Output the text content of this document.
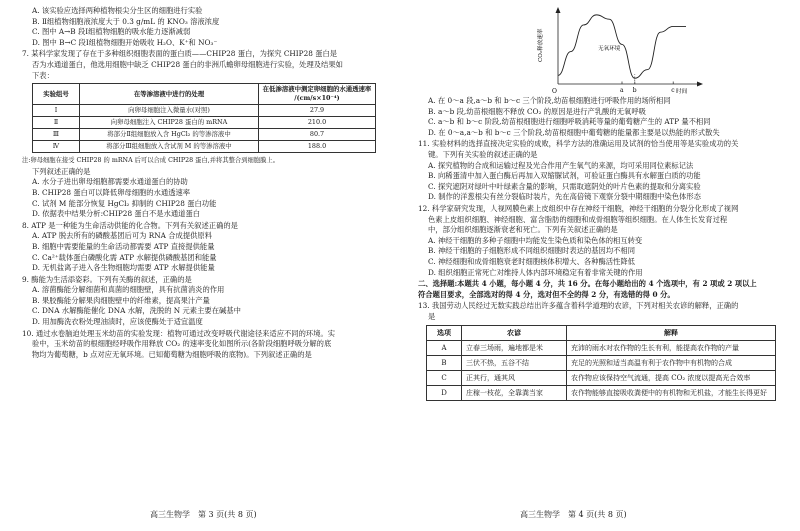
A. 该实验应选择两种植物根尖分生区的细胞进行实验
B. Ⅱ组植物细胞液浓度大于 0.3 g/mL 的 KNO₃ 溶液浓度
C. 图中 A→B 段Ⅰ组植物细胞的吸水能力逐渐减弱
D. 图中 B→C 段Ⅰ组植物细胞开始吸收 H₂O、K⁺和 NO₃⁻
7. 某科学家发现了存在于多种组织细胞表面的蛋白质——CHIP28 蛋白，为探究 CHIP28 蛋白是
否为水通道蛋白，他选用细胞中缺乏 CHIP28 蛋白的非洲爪蟾卵母细胞进行实验，处理及结果如
下表：
实验组号	在等渗溶液中进行的处理	在低渗溶液中测定卵细胞的水通透速率 /(cm/s×10⁻⁴)
Ⅰ	向卵母细胞注入微量水(对照)	27.9
Ⅱ	向卵母细胞注入 CHIP28 蛋白的 mRNA	210.0
Ⅲ	将部分Ⅱ组细胞放入含 HgCl₂ 的等渗溶液中	80.7
Ⅳ	将部分Ⅲ组细胞放入含试剂 M 的等渗溶液中	188.0
注:卵母细胞在接受 CHIP28 的 mRNA 后可以合成 CHIP28 蛋白,并将其整合到细胞膜上。
下列叙述正确的是
A. 水分子进出卵母细胞都需要水通道蛋白的协助
B. CHIP28 蛋白可以降低卵母细胞的水通透速率
C. 试剂 M 能部分恢复 HgCl₂ 抑制的 CHIP28 蛋白功能
D. 依据表中结果分析:CHIP28 蛋白不是水通道蛋白
8. ATP 是一种能为生命活动供能的化合物。下列有关叙述正确的是
A. ATP 脱去所有的磷酸基团后可为 RNA 合成提供原料
B. 细胞中需要能量的生命活动都需要 ATP 直接提供能量
C. Ca²⁺载体蛋白磷酸化需 ATP 水解提供磷酸基团和能量
D. 无机盐离子进入各生物细胞均需要 ATP 水解提供能量
9. 酶能为生活添姿彩。下列有关酶的叙述，正确的是
A. 溶菌酶能分解细菌和真菌的细胞壁，具有抗菌消炎的作用
B. 果胶酶能分解果肉细胞壁中的纤维素，提高果汁产量
C. DNA 水解酶能催化 DNA 水解，洗脱的 N 元素主要在碱基中
D. 用加酶洗衣粉处理油渍时，应该使酶处于适宜温度
10. 通过水卷脑迫处理玉米幼苗的实验发现：植物可通过改变呼吸代谢途径来适应不同的环境。实
验中，玉米幼苗的根细胞经呼吸作用释放 CO₂ 的速率变化如图所示(各阶段细胞呼吸分解的底
物均为葡萄糖，b 点对应无氧环境。已知葡萄糖为细胞呼吸的底物)。下列叙述正确的是
高三生物学　第 3 页(共 8 页)
CO₂释放速率
时间
O
无氧环境
a b	c
A. 在 0～a 段,a～b 和 b～c 三个阶段,幼苗根细胞进行呼吸作用的场所相同
B. a～b 段,幼苗根细胞不释放 CO₂ 的原因是进行产乳酸的无氧呼吸
C. a～b 和 b～c 阶段,幼苗根细胞进行细胞呼吸消耗等量的葡萄糖产生的 ATP 量不相同
D. 在 0～a,a～b 和 b～c 三个阶段,幼苗根细胞中葡萄糖的能量都主要是以热能的形式散失
11. 实验材料的选择直接决定实验的成败，科学方法的准确运用及试剂的恰当使用等是实验成功的关
键。下列有关实验的叙述正确的是
A. 探究植物的合成和运输过程及光合作用产生氧气的来源，均可采用同位素标记法
B. 向稀蛋清中加入蛋白酶后再加入双缩脲试剂，可验证蛋白酶具有水解蛋白质的功能
C. 探究遮阴对绿叶中叶绿素含量的影响，只需取遮阴处的叶片色素的提取和分离实验
D. 制作的洋葱根尖有丝分裂临时装片，先在高倍镜下观察分裂中期细胞中染色体形态
12. 科学家研究发现，人视网膜色素上皮组织中存在神经干细胞，神经干细胞的分裂分化形成了视网
色素上皮组织细胞、神经细胞、富含脂肪的细胞和成骨细胞等组织细胞。在人体生长发育过程
中，部分组织细胞逐渐衰老和死亡。下列有关叙述正确的是
A. 神经干细胞的多种子细胞中均能发生染色质和染色体的相互转变
B. 神经干细胞的子细胞形成不同组织细胞时表达的基因均不相同
C. 神经细胞和成骨细胞衰老时细胞核体积增大、各种酶活性降低
D. 组织细胞正常死亡对维持人体内部环境稳定有着非常关键的作用
二、选择题:本题共 4 小题，每小题 4 分，共 16 分。在每小题给出的 4 个选项中，有 2 项或 2 项以上
符合题目要求，全部选对的得 4 分，选对但不全的得 2 分，有选错的得 0 分。
13. 我国劳动人民经过无数实践总结出许多蕴含着科学道理的农谚，下列对相关农谚的解释，正确的
是
选项	农谚	解释
A	立春三场雨，遍地都是米	充沛的雨水对农作物的生长有利，能提高农作物的产量
B	三伏不热，五谷不结	充足的光照和适当高温有利于农作物中有机物的合成
C	正其行，通其风	农作物应该保持空气流通，提高 CO₂ 浓度以提高光合效率
D	庄稼一枝花，全靠粪当家	农作物能够直接吸收粪便中的有机物和无机盐，才能生长得更好
高三生物学　第 4 页(共 8 页)
